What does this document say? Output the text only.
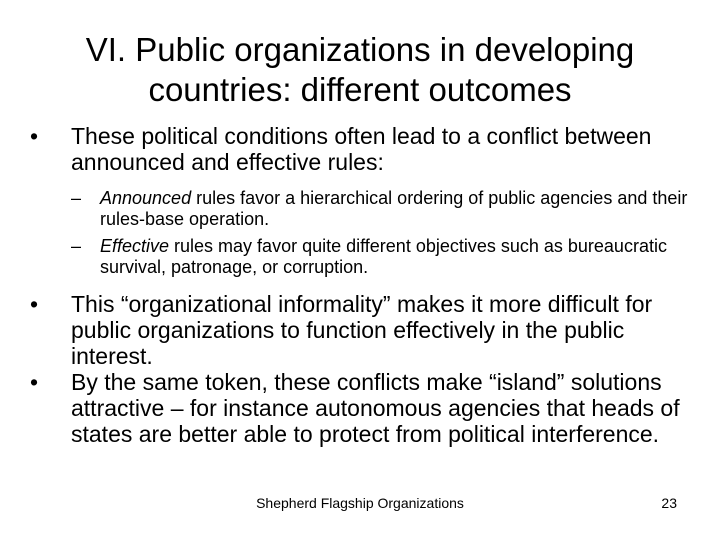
VI. Public organizations in developing
countries: different outcomes

•	These political conditions often lead to a conflict between announced and effective rules:

–	Announced rules favor a hierarchical ordering of public agencies and their rules-base operation.

–	Effective rules may favor quite different objectives such as bureaucratic survival, patronage, or corruption.

•	This “organizational informality” makes it more difficult for public organizations to function effectively in the public interest.

•	By the same token, these conflicts make “island” solutions attractive – for instance autonomous agencies that heads of states are better able to protect from political interference.

Shepherd Flagship Organizations	23
